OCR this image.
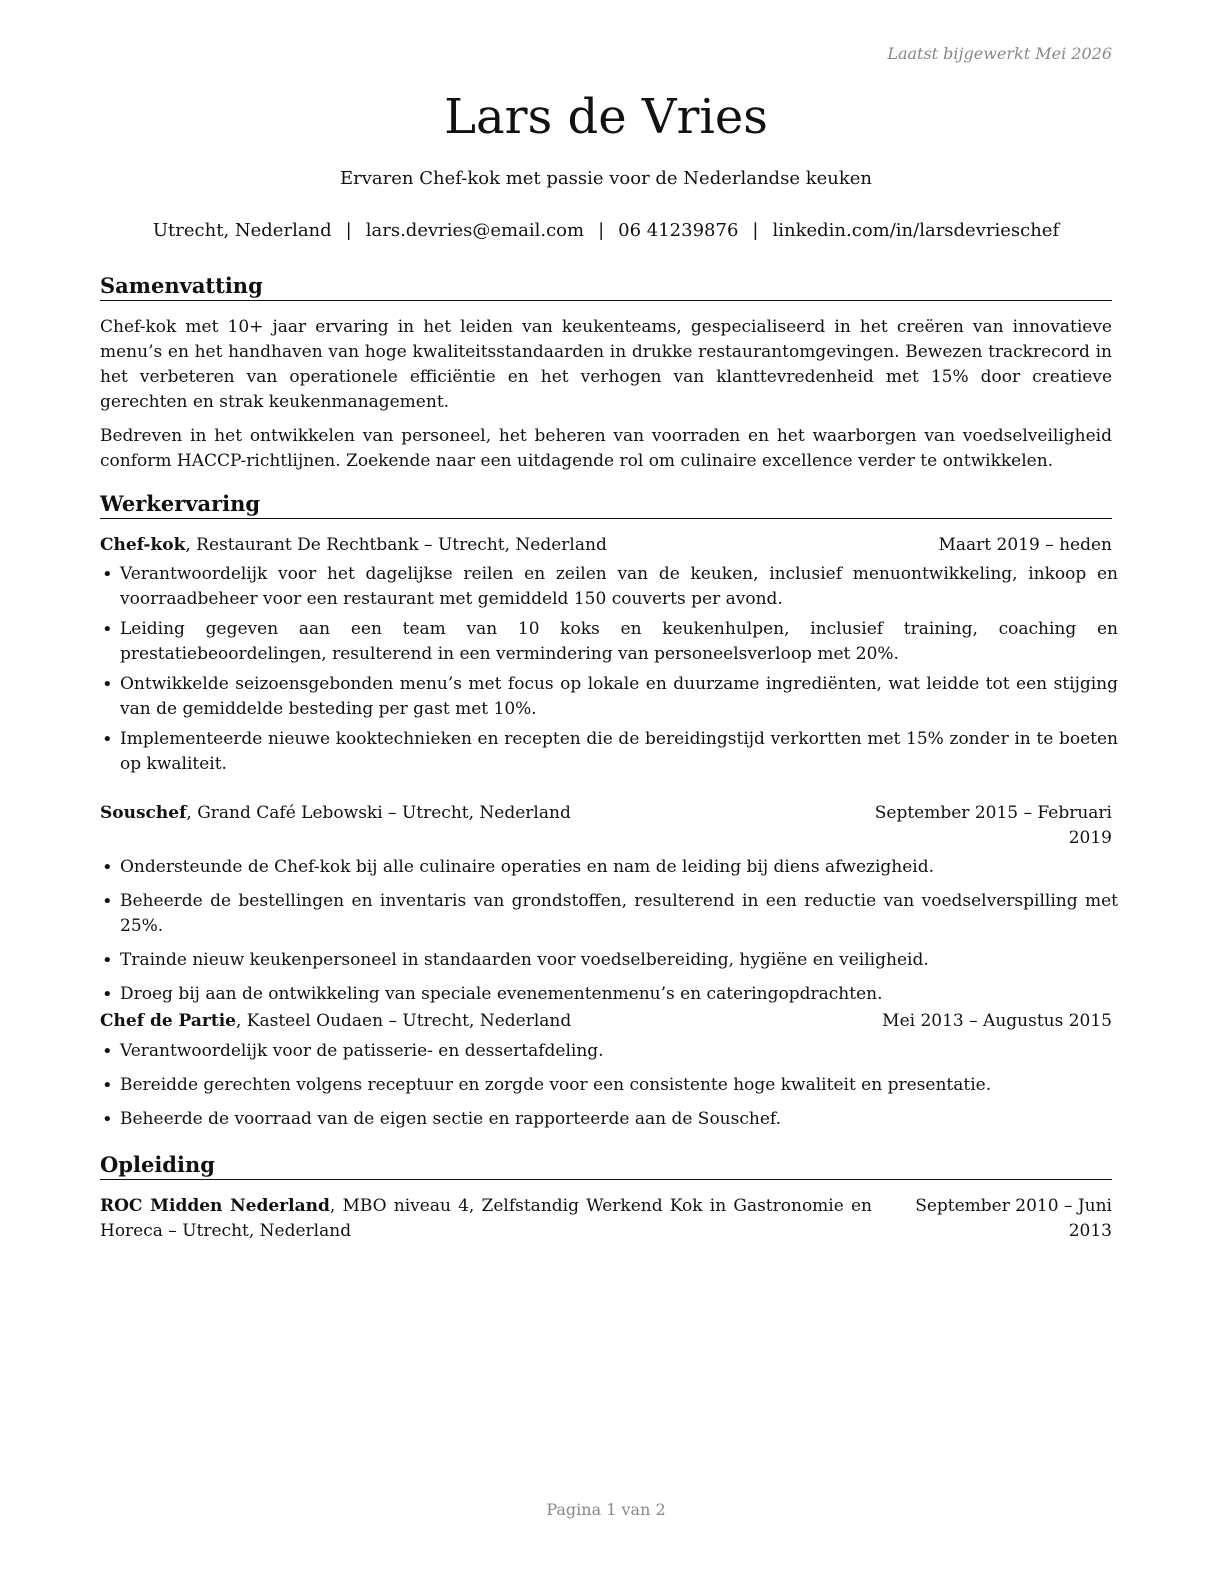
Laatst bijgewerkt Mei 2026
Lars de Vries
Ervaren Chef-kok met passie voor de Nederlandse keuken
Utrecht, Nederland | lars.devries@email.com | 06 41239876 | linkedin.com/in/larsdevrieschef
Samenvatting

Chef-kok met 10+ jaar ervaring in het leiden van keukenteams, gespecialiseerd in het creëren van innovatieve menu’s en het handhaven van hoge kwaliteitsstandaarden in drukke restaurantomgevingen. Bewezen trackrecord in het verbeteren van operationele efficiëntie en het verhogen van klanttevredenheid met 15% door creatieve gerechten en strak keukenmanagement.

Bedreven in het ontwikkelen van personeel, het beheren van voorraden en het waarborgen van voedselveiligheid conform HACCP-richtlijnen. Zoekende naar een uitdagende rol om culinaire excellence verder te ontwikkelen.

Werkervaring
Chef-kok, Restaurant De Rechtbank – Utrecht, Nederland	Maart 2019 – heden
• Verantwoordelijk voor het dagelijkse reilen en zeilen van de keuken, inclusief menuontwikkeling, inkoop en voorraadbeheer voor een restaurant met gemiddeld 150 couverts per avond.
• Leiding gegeven aan een team van 10 koks en keukenhulpen, inclusief training, coaching en prestatiebeoordelingen, resulterend in een vermindering van personeelsverloop met 20%.
• Ontwikkelde seizoensgebonden menu’s met focus op lokale en duurzame ingrediënten, wat leidde tot een stijging van de gemiddelde besteding per gast met 10%.
• Implementeerde nieuwe kooktechnieken en recepten die de bereidingstijd verkortten met 15% zonder in te boeten op kwaliteit.
Souschef, Grand Café Lebowski – Utrecht, Nederland	September 2015 – Februari 2019
• Ondersteunde de Chef-kok bij alle culinaire operaties en nam de leiding bij diens afwezigheid.
• Beheerde de bestellingen en inventaris van grondstoffen, resulterend in een reductie van voedselverspilling met 25%.
• Trainde nieuw keukenpersoneel in standaarden voor voedselbereiding, hygiëne en veiligheid.
• Droeg bij aan de ontwikkeling van speciale evenementenmenu’s en cateringopdrachten.
Chef de Partie, Kasteel Oudaen – Utrecht, Nederland	Mei 2013 – Augustus 2015
• Verantwoordelijk voor de patisserie- en dessertafdeling.
• Bereidde gerechten volgens receptuur en zorgde voor een consistente hoge kwaliteit en presentatie.
• Beheerde de voorraad van de eigen sectie en rapporteerde aan de Souschef.
Opleiding
ROC Midden Nederland, MBO niveau 4, Zelfstandig Werkend Kok in Gastronomie en Horeca – Utrecht, Nederland
September 2010 – Juni 2013
Pagina 1 van 2
